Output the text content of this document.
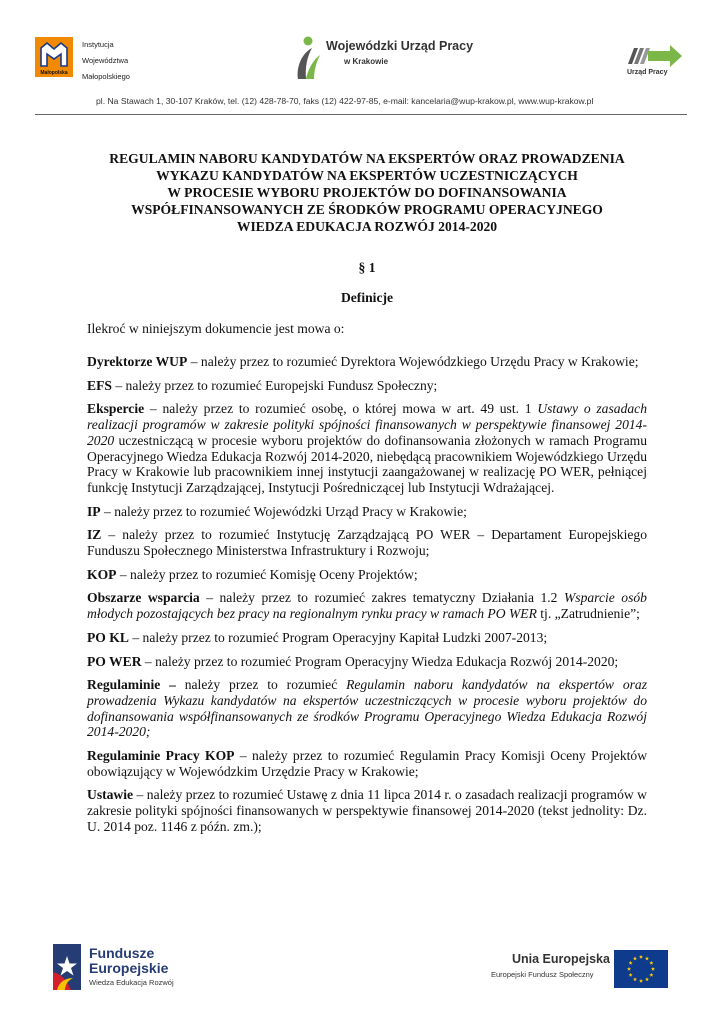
Małopolska
Instytucja
Województwa
Małopolskiego
Wojewódzki Urząd Pracy
w Krakowie
Urząd Pracy
pl. Na Stawach 1, 30-107 Kraków, tel. (12) 428-78-70, faks (12) 422-97-85, e-mail: kancelaria@wup-krakow.pl, www.wup-krakow.pl
REGULAMIN NABORU KANDYDATÓW NA EKSPERTÓW ORAZ PROWADZENIA
WYKAZU KANDYDATÓW NA EKSPERTÓW UCZESTNICZĄCYCH
W PROCESIE WYBORU PROJEKTÓW DO DOFINANSOWANIA
WSPÓŁFINANSOWANYCH ZE ŚRODKÓW PROGRAMU OPERACYJNEGO
WIEDZA EDUKACJA ROZWÓJ 2014-2020
§ 1
Definicje
Ilekroć w niniejszym dokumencie jest mowa o:
Dyrektorze WUP – należy przez to rozumieć Dyrektora Wojewódzkiego Urzędu Pracy w Krakowie;
EFS – należy przez to rozumieć Europejski Fundusz Społeczny;
Ekspercie – należy przez to rozumieć osobę, o której mowa w art. 49 ust. 1 Ustawy o zasadach realizacji programów w zakresie polityki spójności finansowanych w perspektywie finansowej 2014-2020 uczestniczącą w procesie wyboru projektów do dofinansowania złożonych w ramach Programu Operacyjnego Wiedza Edukacja Rozwój 2014-2020, niebędącą pracownikiem Wojewódzkiego Urzędu Pracy w Krakowie lub pracownikiem innej instytucji zaangażowanej w realizację PO WER, pełniącej funkcję Instytucji Zarządzającej, Instytucji Pośredniczącej lub Instytucji Wdrażającej.
IP – należy przez to rozumieć Wojewódzki Urząd Pracy w Krakowie;
IZ – należy przez to rozumieć Instytucję Zarządzającą PO WER – Departament Europejskiego Funduszu Społecznego Ministerstwa Infrastruktury i Rozwoju;
KOP – należy przez to rozumieć Komisję Oceny Projektów;
Obszarze wsparcia – należy przez to rozumieć zakres tematyczny Działania 1.2 Wsparcie osób młodych pozostających bez pracy na regionalnym rynku pracy w ramach PO WER tj. „Zatrudnienie”;
PO KL – należy przez to rozumieć Program Operacyjny Kapitał Ludzki 2007-2013;
PO WER – należy przez to rozumieć Program Operacyjny Wiedza Edukacja Rozwój 2014-2020;
Regulaminie – należy przez to rozumieć Regulamin naboru kandydatów na ekspertów oraz prowadzenia Wykazu kandydatów na ekspertów uczestniczących w procesie wyboru projektów do dofinansowania współfinansowanych ze środków Programu Operacyjnego Wiedza Edukacja Rozwój 2014-2020;
Regulaminie Pracy KOP – należy przez to rozumieć Regulamin Pracy Komisji Oceny Projektów obowiązujący w Wojewódzkim Urzędzie Pracy w Krakowie;
Ustawie – należy przez to rozumieć Ustawę z dnia 11 lipca 2014 r. o zasadach realizacji programów w zakresie polityki spójności finansowanych w perspektywie finansowej 2014-2020 (tekst jednolity: Dz. U. 2014 poz. 1146 z późn. zm.);
Fundusze
Europejskie
Wiedza Edukacja Rozwój
Unia Europejska
Europejski Fundusz Społeczny
